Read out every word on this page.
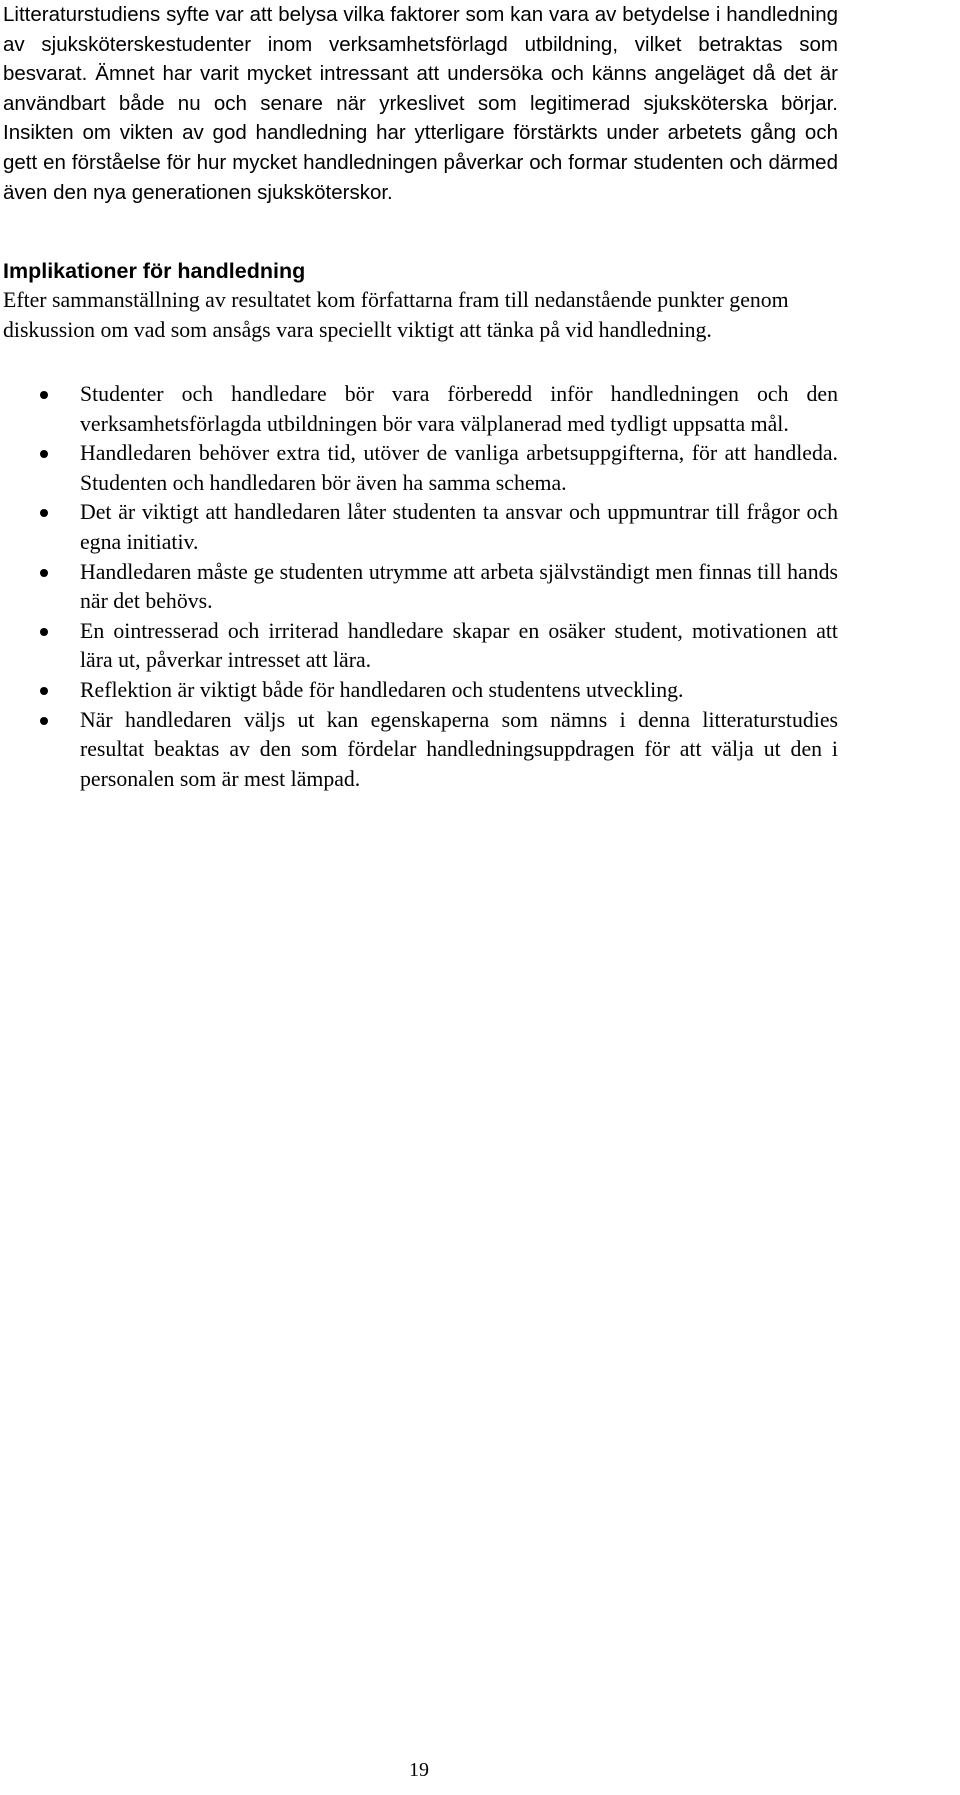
Litteraturstudiens syfte var att belysa vilka faktorer som kan vara av betydelse i handledning av sjuksköterskestudenter inom verksamhetsförlagd utbildning, vilket betraktas som besvarat. Ämnet har varit mycket intressant att undersöka och känns angeläget då det är användbart både nu och senare när yrkeslivet som legitimerad sjuksköterska börjar. Insikten om vikten av god handledning har ytterligare förstärkts under arbetets gång och gett en förståelse för hur mycket handledningen påverkar och formar studenten och därmed även den nya generationen sjuksköterskor.

Implikationer för handledning

Efter sammanställning av resultatet kom författarna fram till nedanstående punkter genom diskussion om vad som ansågs vara speciellt viktigt att tänka på vid handledning.

Studenter och handledare bör vara förberedd inför handledningen och den verksamhetsförlagda utbildningen bör vara välplanerad med tydligt uppsatta mål.
Handledaren behöver extra tid, utöver de vanliga arbetsuppgifterna, för att handleda. Studenten och handledaren bör även ha samma schema.
Det är viktigt att handledaren låter studenten ta ansvar och uppmuntrar till frågor och egna initiativ.
Handledaren måste ge studenten utrymme att arbeta självständigt men finnas till hands när det behövs.
En ointresserad och irriterad handledare skapar en osäker student, motivationen att lära ut, påverkar intresset att lära.
Reflektion är viktigt både för handledaren och studentens utveckling.
När handledaren väljs ut kan egenskaperna som nämns i denna litteraturstudies resultat beaktas av den som fördelar handledningsuppdragen för att välja ut den i personalen som är mest lämpad.
19
